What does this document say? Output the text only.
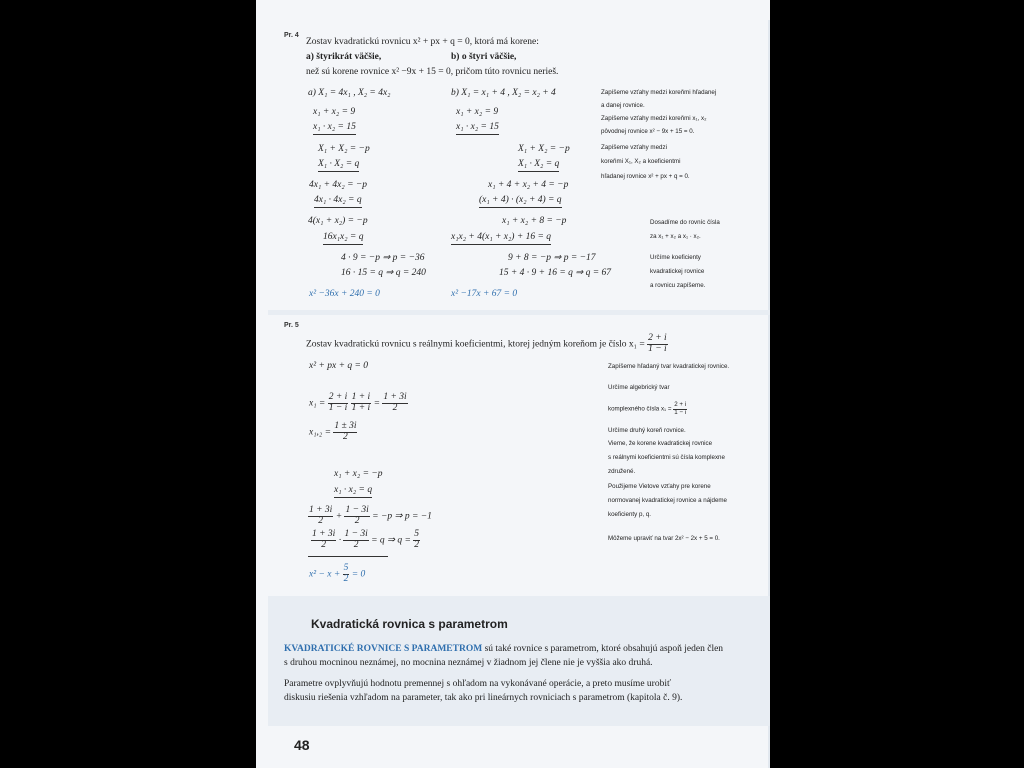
Pr. 4
Zostav kvadratickú rovnicu x² + px + q = 0, ktorá má korene:
a) štyrikrát väčšie,	b) o štyri väčšie,
než sú korene rovnice x² −9x + 15 = 0, pričom túto rovnicu nerieš.
a) X₁ = 4x₁ , X₂ = 4x₂
x₁ + x₂ = 9
x₁ · x₂ = 15
X₁ + X₂ = −p
X₁ · X₂ = q
4x₁ + 4x₂ = −p
4x₁ · 4x₂ = q
4(x₁ + x₂) = −p
16x₁x₂ = q
4 · 9 = −p ⇒ p = −36
16 · 15 = q ⇒ q = 240
x² −36x + 240 = 0
b) X₁ = x₁ + 4 , X₂ = x₂ + 4
x₁ + x₂ = 9
x₁ · x₂ = 15
X₁ + X₂ = −p
X₁ · X₂ = q
x₁ + 4 + x₂ + 4 = −p
(x₁ + 4) · (x₂ + 4) = q
x₁ + x₂ + 8 = −p
x₁x₂ + 4(x₁ + x₂) + 16 = q
9 + 8 = −p ⇒ p = −17
15 + 4 · 9 + 16 = q ⇒ q = 67
x² −17x + 67 = 0
Zapíšeme vzťahy medzi koreňmi hľadanej
a danej rovnice.
Zapíšeme vzťahy medzi koreňmi x₁, x₂
pôvodnej rovnice x² − 9x + 15 = 0.
Zapíšeme vzťahy medzi
koreňmi X₁, X₂ a koeficientmi
hľadanej rovnice x² + px + q = 0.
Dosadíme do rovníc čísla
za x₁ + x₂ a x₁ · x₂.
Určíme koeficienty
kvadratickej rovnice
a rovnicu zapíšeme.
Pr. 5
Zostav kvadratickú rovnicu s reálnymi koeficientmi, ktorej jedným koreňom je číslo $x_1 = \frac{2 + i}{1 - i}$
x² + px + q = 0
$x_1 = \frac{2 + i}{1 - i}$
$\frac{1 + i}{1 + i} = \frac{1 + 3i}{2}$
$x_1,_2 = \frac{1 \pm 3i}{2}$
x₁ + x₂ = −p
x₁ · x₂ = q
$\frac{1 + 3i}{2} + \frac{1 - 3i}{2} = -p$ ⇒ p = −1
$\frac{1 + 3i}{2} \cdot \frac{1 - 3i}{2} = q$ ⇒ $q = \frac{5}{2}$
$x^2 - x + \frac{5}{2} = 0$
Zapíšeme hľadaný tvar kvadratickej rovnice.
Určíme algebrický tvar
komplexného čísla $x_1 = \frac{2 + i}{1 - i}$
Určíme druhý koreň rovnice.
Vieme, že korene kvadratickej rovnice
s reálnymi koeficientmi sú čísla komplexne
združené.
Použijeme Vietove vzťahy pre korene
normovanej kvadratickej rovnice a nájdeme
koeficienty p, q.
Môžeme upraviť na tvar 2x² − 2x + 5 = 0.
Kvadratická rovnica s parametrom
KVADRATICKÉ ROVNICE S PARAMETROM sú také rovnice s parametrom, ktoré obsahujú aspoň jeden člen
s druhou mocninou neznámej, no mocnina neznámej v žiadnom jej člene nie je vyššia ako druhá.
Parametre ovplyvňujú hodnotu premennej s ohľadom na vykonávané operácie, a preto musíme urobiť
diskusiu riešenia vzhľadom na parameter, tak ako pri lineárnych rovniciach s parametrom (kapitola č. 9).
48
